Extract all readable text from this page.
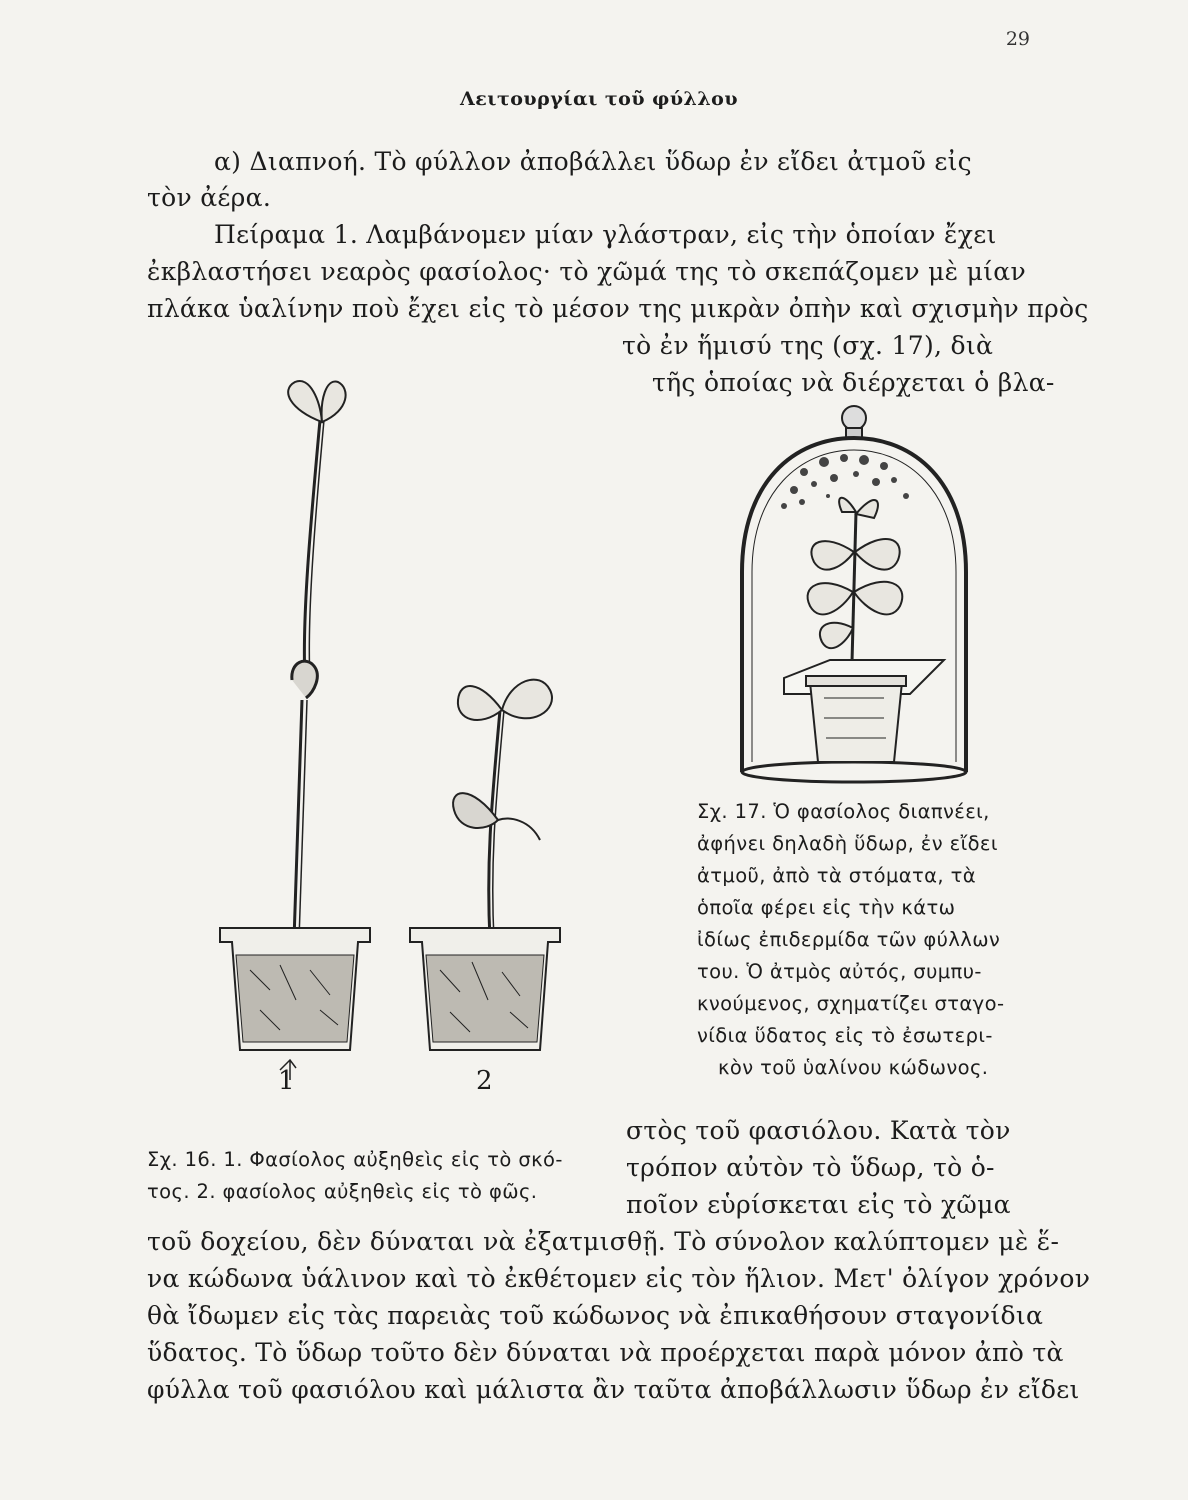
29
Λειτουργίαι τοῦ φύλλου
α) Διαπνοή. Τὸ φύλλον ἀποβάλλει ὕδωρ ἐν εἴδει ἀτμοῦ εἰς
τὸν ἀέρα.
Πείραμα 1. Λαμβάνομεν μίαν γλάστραν, εἰς τὴν ὁποίαν ἔχει
ἐκβλαστήσει νεαρὸς φασίολος· τὸ χῶμά της τὸ σκεπάζομεν μὲ μίαν
πλάκα ὑαλίνην ποὺ ἔχει εἰς τὸ μέσον της μικρὰν ὀπὴν καὶ σχισμὴν πρὸς
τὸ ἐν ἥμισύ της (σχ. 17), διὰ
τῆς ὁποίας νὰ διέρχεται ὁ βλα-
στὸς τοῦ φασιόλου. Κατὰ τὸν
τρόπον αὐτὸν τὸ ὕδωρ, τὸ ὁ-
ποῖον εὑρίσκεται εἰς τὸ χῶμα
τοῦ δοχείου, δὲν δύναται νὰ ἐξατμισθῇ. Τὸ σύνολον καλύπτομεν μὲ ἕ-
να κώδωνα ὑάλινον καὶ τὸ ἐκθέτομεν εἰς τὸν ἥλιον. Μετ' ὀλίγον χρόνον
θὰ ἴδωμεν εἰς τὰς παρειὰς τοῦ κώδωνος νὰ ἐπικαθήσουν σταγονίδια
ὕδατος. Τὸ ὕδωρ τοῦτο δὲν δύναται νὰ προέρχεται παρὰ μόνον ἀπὸ τὰ
φύλλα τοῦ φασιόλου καὶ μάλιστα ἂν ταῦτα ἀποβάλλωσιν ὕδωρ ἐν εἴδει
1	2
Σχ. 16. 1. Φασίολος αὐξηθεὶς εἰς τὸ σκό-
τος. 2. φασίολος αὐξηθεὶς εἰς τὸ φῶς.
Σχ. 17. Ὁ φασίολος διαπνέει,
ἀφήνει δηλαδὴ ὕδωρ, ἐν εἴδει
ἀτμοῦ, ἀπὸ τὰ στόματα, τὰ
ὁποῖα φέρει εἰς τὴν κάτω
ἰδίως ἐπιδερμίδα τῶν φύλλων
του. Ὁ ἀτμὸς αὐτός, συμπυ-
κνούμενος, σχηματίζει σταγο-
νίδια ὕδατος εἰς τὸ ἐσωτερι-
κὸν τοῦ ὑαλίνου κώδωνος.
